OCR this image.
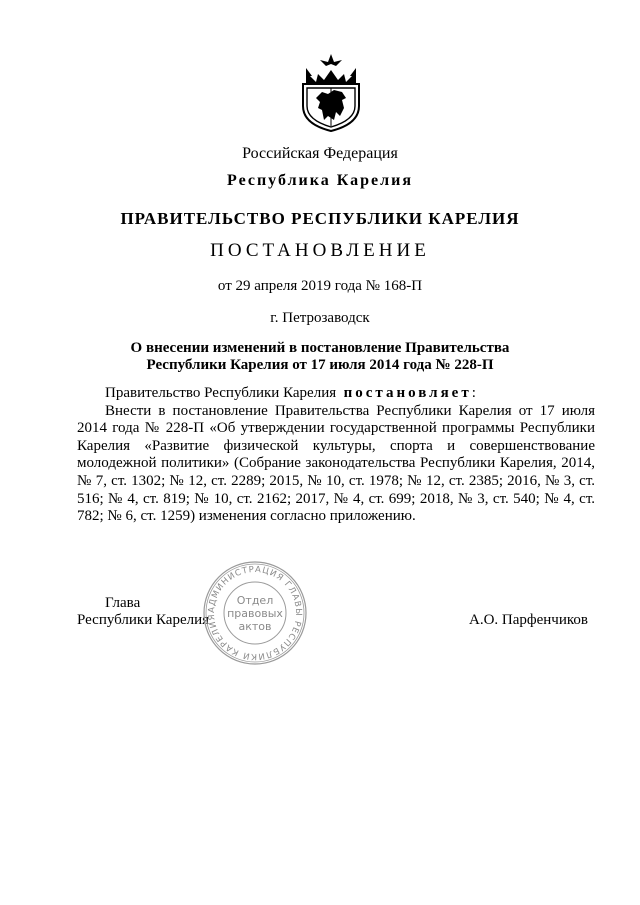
Российская Федерация
Республика Карелия
ПРАВИТЕЛЬСТВО РЕСПУБЛИКИ КАРЕЛИЯ
ПОСТАНОВЛЕНИЕ
от 29 апреля 2019 года № 168-П
г. Петрозаводск
О внесении изменений в постановление Правительства
Республики Карелия от 17 июля 2014 года № 228-П

Правительство Республики Карелия постановляет:

Внести в постановление Правительства Республики Карелия от 17 июля 2014 года № 228-П «Об утверждении государственной программы Республики Карелия «Развитие физической культуры, спорта и совершенствование молодежной политики» (Собрание законодательства Республики Карелия, 2014, № 7, ст. 1302; № 12, ст. 2289; 2015, № 10, ст. 1978; № 12, ст. 2385; 2016, № 3, ст. 516; № 4, ст. 819; № 10, ст. 2162; 2017, № 4, ст. 699; 2018, № 3, ст. 540; № 4, ст. 782; № 6, ст. 1259) изменения согласно приложению.

Глава
Республики Карелия	А.О. Парфенчиков
АДМИНИСТРАЦИЯ ГЛАВЫ РЕСПУБЛИКИ КАРЕЛИЯ
Отдел
правовых
актов
